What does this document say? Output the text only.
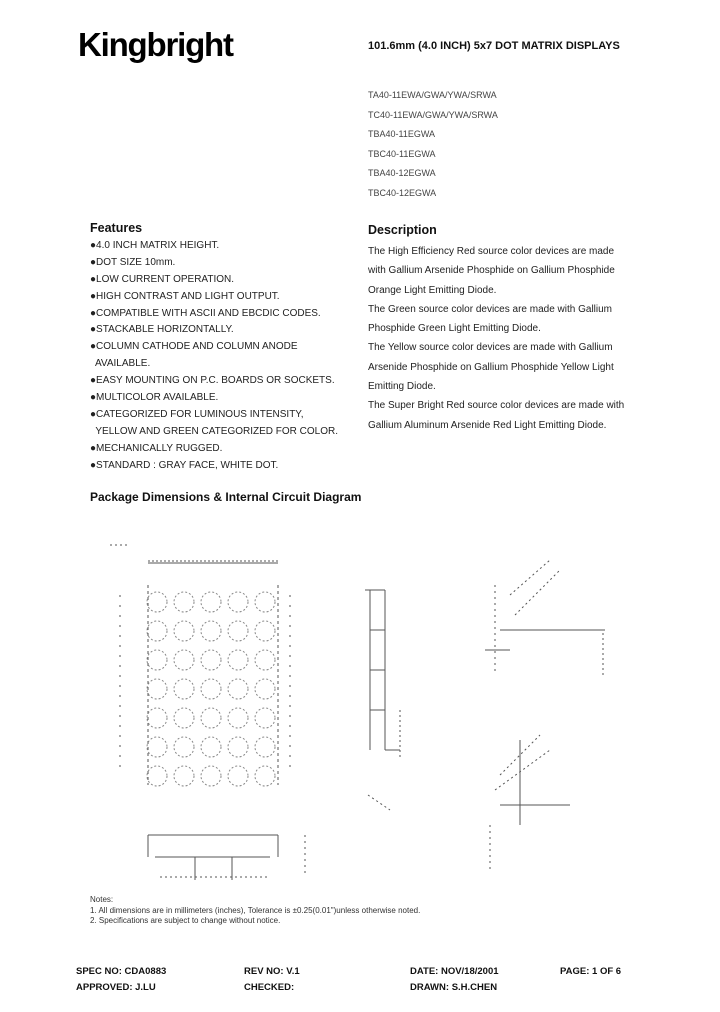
Kingbright	101.6mm (4.0 INCH) 5x7 DOT MATRIX DISPLAYS
TA40-11EWA/GWA/YWA/SRWA
TC40-11EWA/GWA/YWA/SRWA
TBA40-11EGWA
TBC40-11EGWA
TBA40-12EGWA
TBC40-12EGWA
Features
●4.0 INCH MATRIX HEIGHT.
●DOT SIZE 10mm.
●LOW CURRENT OPERATION.
●HIGH CONTRAST AND LIGHT OUTPUT.
●COMPATIBLE WITH ASCII AND EBCDIC CODES.
●STACKABLE HORIZONTALLY.
●COLUMN CATHODE AND COLUMN ANODE
AVAILABLE.
●EASY MOUNTING ON P.C. BOARDS OR SOCKETS.
●MULTICOLOR AVAILABLE.
●CATEGORIZED FOR LUMINOUS INTENSITY,
YELLOW AND GREEN CATEGORIZED FOR COLOR.
●MECHANICALLY RUGGED.
●STANDARD : GRAY FACE, WHITE DOT.
Description
The High Efficiency Red source color devices are made
with Gallium Arsenide Phosphide on Gallium Phosphide
Orange Light Emitting Diode.
The Green source color devices are made with Gallium
Phosphide Green Light Emitting Diode.
The Yellow source color devices are made with Gallium
Arsenide Phosphide on Gallium Phosphide Yellow Light
Emitting Diode.
The Super Bright Red source color devices are made with
Gallium Aluminum Arsenide Red Light Emitting Diode.
Package Dimensions & Internal Circuit Diagram
Notes:
1. All dimensions are in millimeters (inches), Tolerance is ±0.25(0.01")unless otherwise noted.
2. Specifications are subject to change without notice.
SPEC NO: CDA0883	REV NO: V.1	DATE: NOV/18/2001	PAGE: 1 OF 6
APPROVED: J.LU	CHECKED:	DRAWN: S.H.CHEN
